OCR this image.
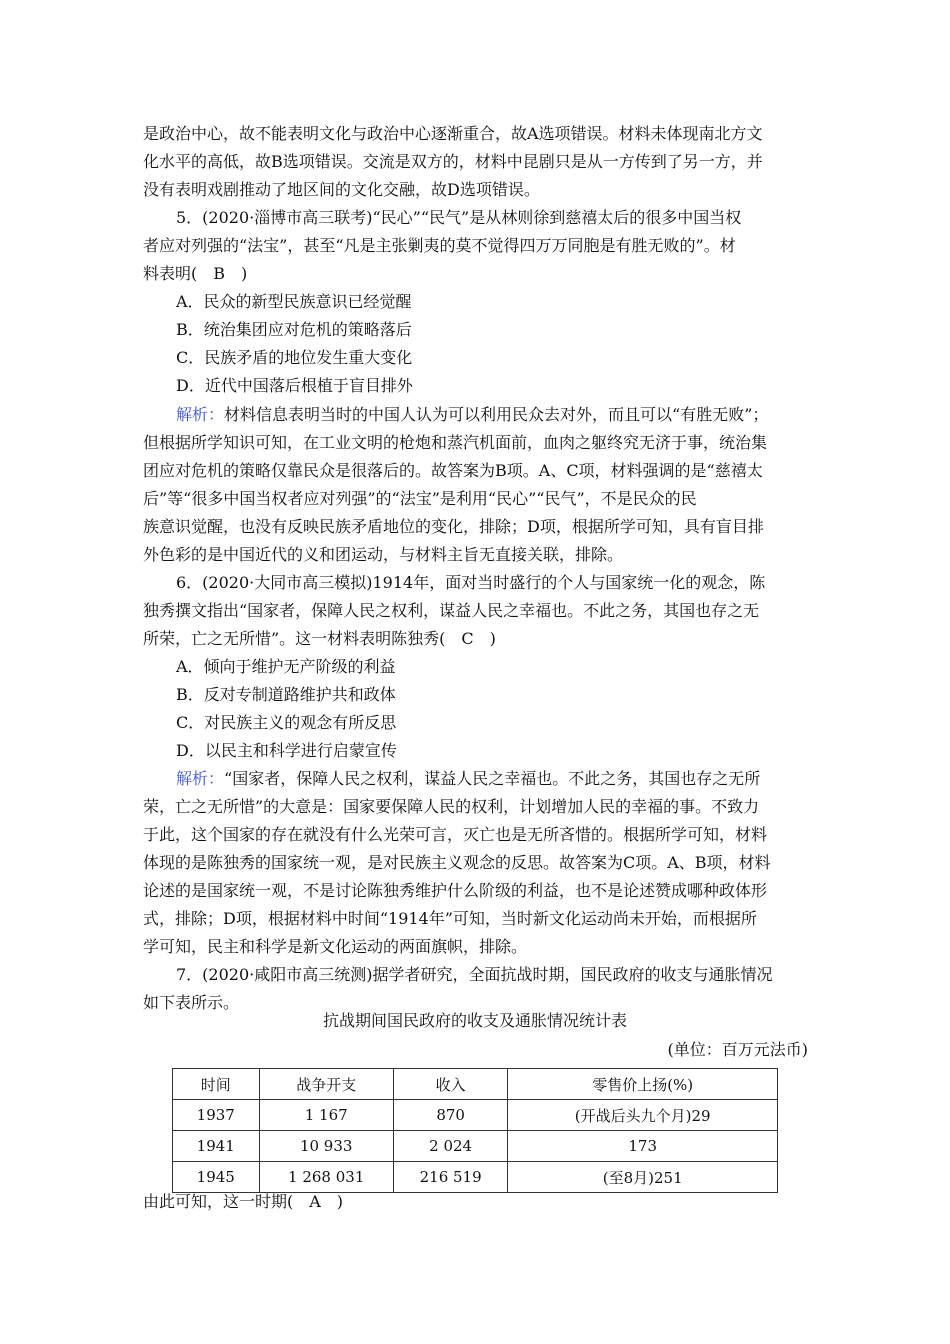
是政治中心，故不能表明文化与政治中心逐渐重合，故A选项错误。材料未体现南北方文
化水平的高低，故B选项错误。交流是双方的，材料中昆剧只是从一方传到了另一方，并
没有表明戏剧推动了地区间的文化交融，故D选项错误。
5．(2020·淄博市高三联考)“民心”“民气”是从林则徐到慈禧太后的很多中国当权
者应对列强的“法宝”，甚至“凡是主张剿夷的莫不觉得四万万同胞是有胜无败的”。材
料表明(　B　)
A．民众的新型民族意识已经觉醒
B．统治集团应对危机的策略落后
C．民族矛盾的地位发生重大变化
D．近代中国落后根植于盲目排外
解析：材料信息表明当时的中国人认为可以利用民众去对外，而且可以“有胜无败”；
但根据所学知识可知，在工业文明的枪炮和蒸汽机面前，血肉之躯终究无济于事，统治集
团应对危机的策略仅靠民众是很落后的。故答案为B项。A、C项，材料强调的是“慈禧太
后”等“很多中国当权者应对列强”的“法宝”是利用“民心”“民气”，不是民众的民
族意识觉醒，也没有反映民族矛盾地位的变化，排除；D项，根据所学可知，具有盲目排
外色彩的是中国近代的义和团运动，与材料主旨无直接关联，排除。
6．(2020·大同市高三模拟)1914年，面对当时盛行的个人与国家统一化的观念，陈
独秀撰文指出“国家者，保障人民之权利，谋益人民之幸福也。不此之务，其国也存之无
所荣，亡之无所惜”。这一材料表明陈独秀(　C　)
A．倾向于维护无产阶级的利益
B．反对专制道路维护共和政体
C．对民族主义的观念有所反思
D．以民主和科学进行启蒙宣传
解析：“国家者，保障人民之权利，谋益人民之幸福也。不此之务，其国也存之无所
荣，亡之无所惜”的大意是：国家要保障人民的权利，计划增加人民的幸福的事。不致力
于此，这个国家的存在就没有什么光荣可言，灭亡也是无所吝惜的。根据所学可知，材料
体现的是陈独秀的国家统一观，是对民族主义观念的反思。故答案为C项。A、B项，材料
论述的是国家统一观，不是讨论陈独秀维护什么阶级的利益，也不是论述赞成哪种政体形
式，排除；D项，根据材料中时间“1914年”可知，当时新文化运动尚未开始，而根据所
学可知，民主和科学是新文化运动的两面旗帜，排除。
7．(2020·咸阳市高三统测)据学者研究，全面抗战时期，国民政府的收支与通胀情况
如下表所示。
抗战期间国民政府的收支及通胀情况统计表
(单位：百万元法币)
时间	战争开支	收入	零售价上扬(%)
1937	1 167	870	(开战后头九个月)29
1941	10 933	2 024	173
1945	1 268 031	216 519	(至8月)251
由此可知，这一时期(　A　)
